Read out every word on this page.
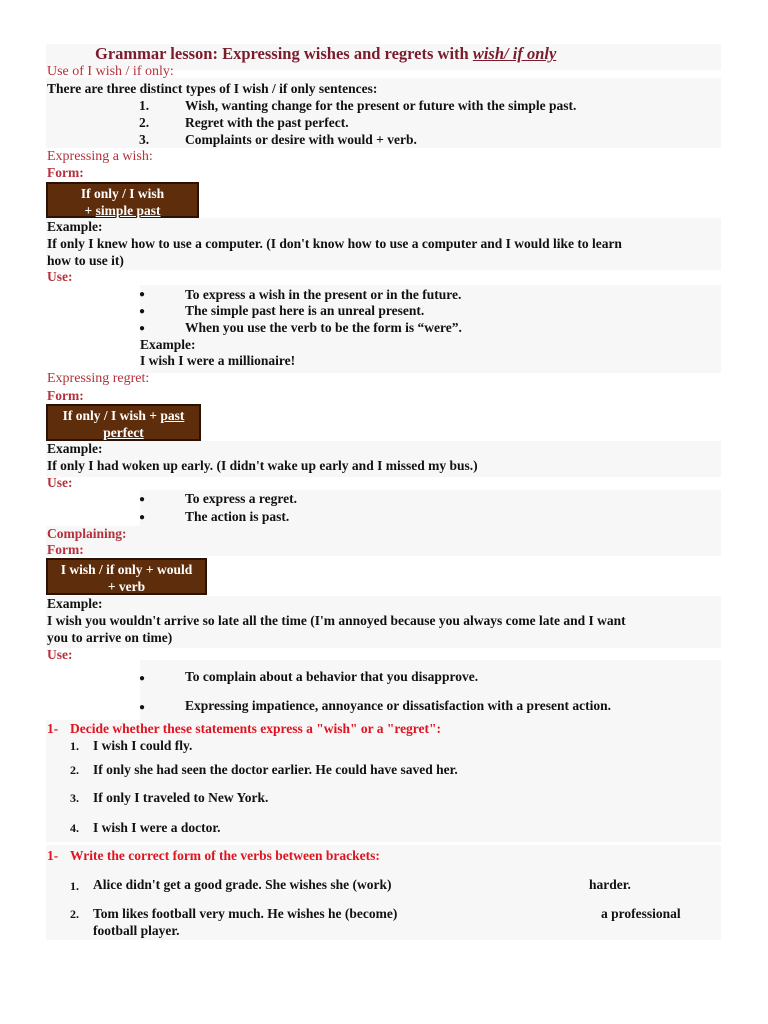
Grammar lesson: Expressing wishes and regrets with wish/ if only
Use of I wish / if only:
There are three distinct types of I wish / if only sentences:
1.	Wish, wanting change for the present or future with the simple past.
2.	Regret with the past perfect.
3.	Complaints or desire with would + verb.
Expressing a wish:
Form:
If only / I wish
+ simple past
Example:
If only I knew how to use a computer. (I don't know how to use a computer and I would like to learn
how to use it)
Use:
●	To express a wish in the present or in the future.
●	The simple past here is an unreal present.
●	When you use the verb to be the form is “were”.
Example:
I wish I were a millionaire!
Expressing regret:
Form:
If only / I wish + past
perfect
Example:
If only I had woken up early. (I didn't wake up early and I missed my bus.)
Use:
●	To express a regret.
●	The action is past.
Complaining:
Form:
I wish / if only + would
+ verb
Example:
I wish you wouldn't arrive so late all the time (I'm annoyed because you always come late and I want
you to arrive on time)
Use:
●	To complain about a behavior that you disapprove.
●	Expressing impatience, annoyance or dissatisfaction with a present action.
1- Decide whether these statements express a "wish" or a "regret":
1. I wish I could fly.
2. If only she had seen the doctor earlier. He could have saved her.
3. If only I traveled to New York.
4. I wish I were a doctor.
1- Write the correct form of the verbs between brackets:
1. Alice didn't get a good grade. She wishes she (work)	harder.
2. Tom likes football very much. He wishes he (become)	a professional
football player.
